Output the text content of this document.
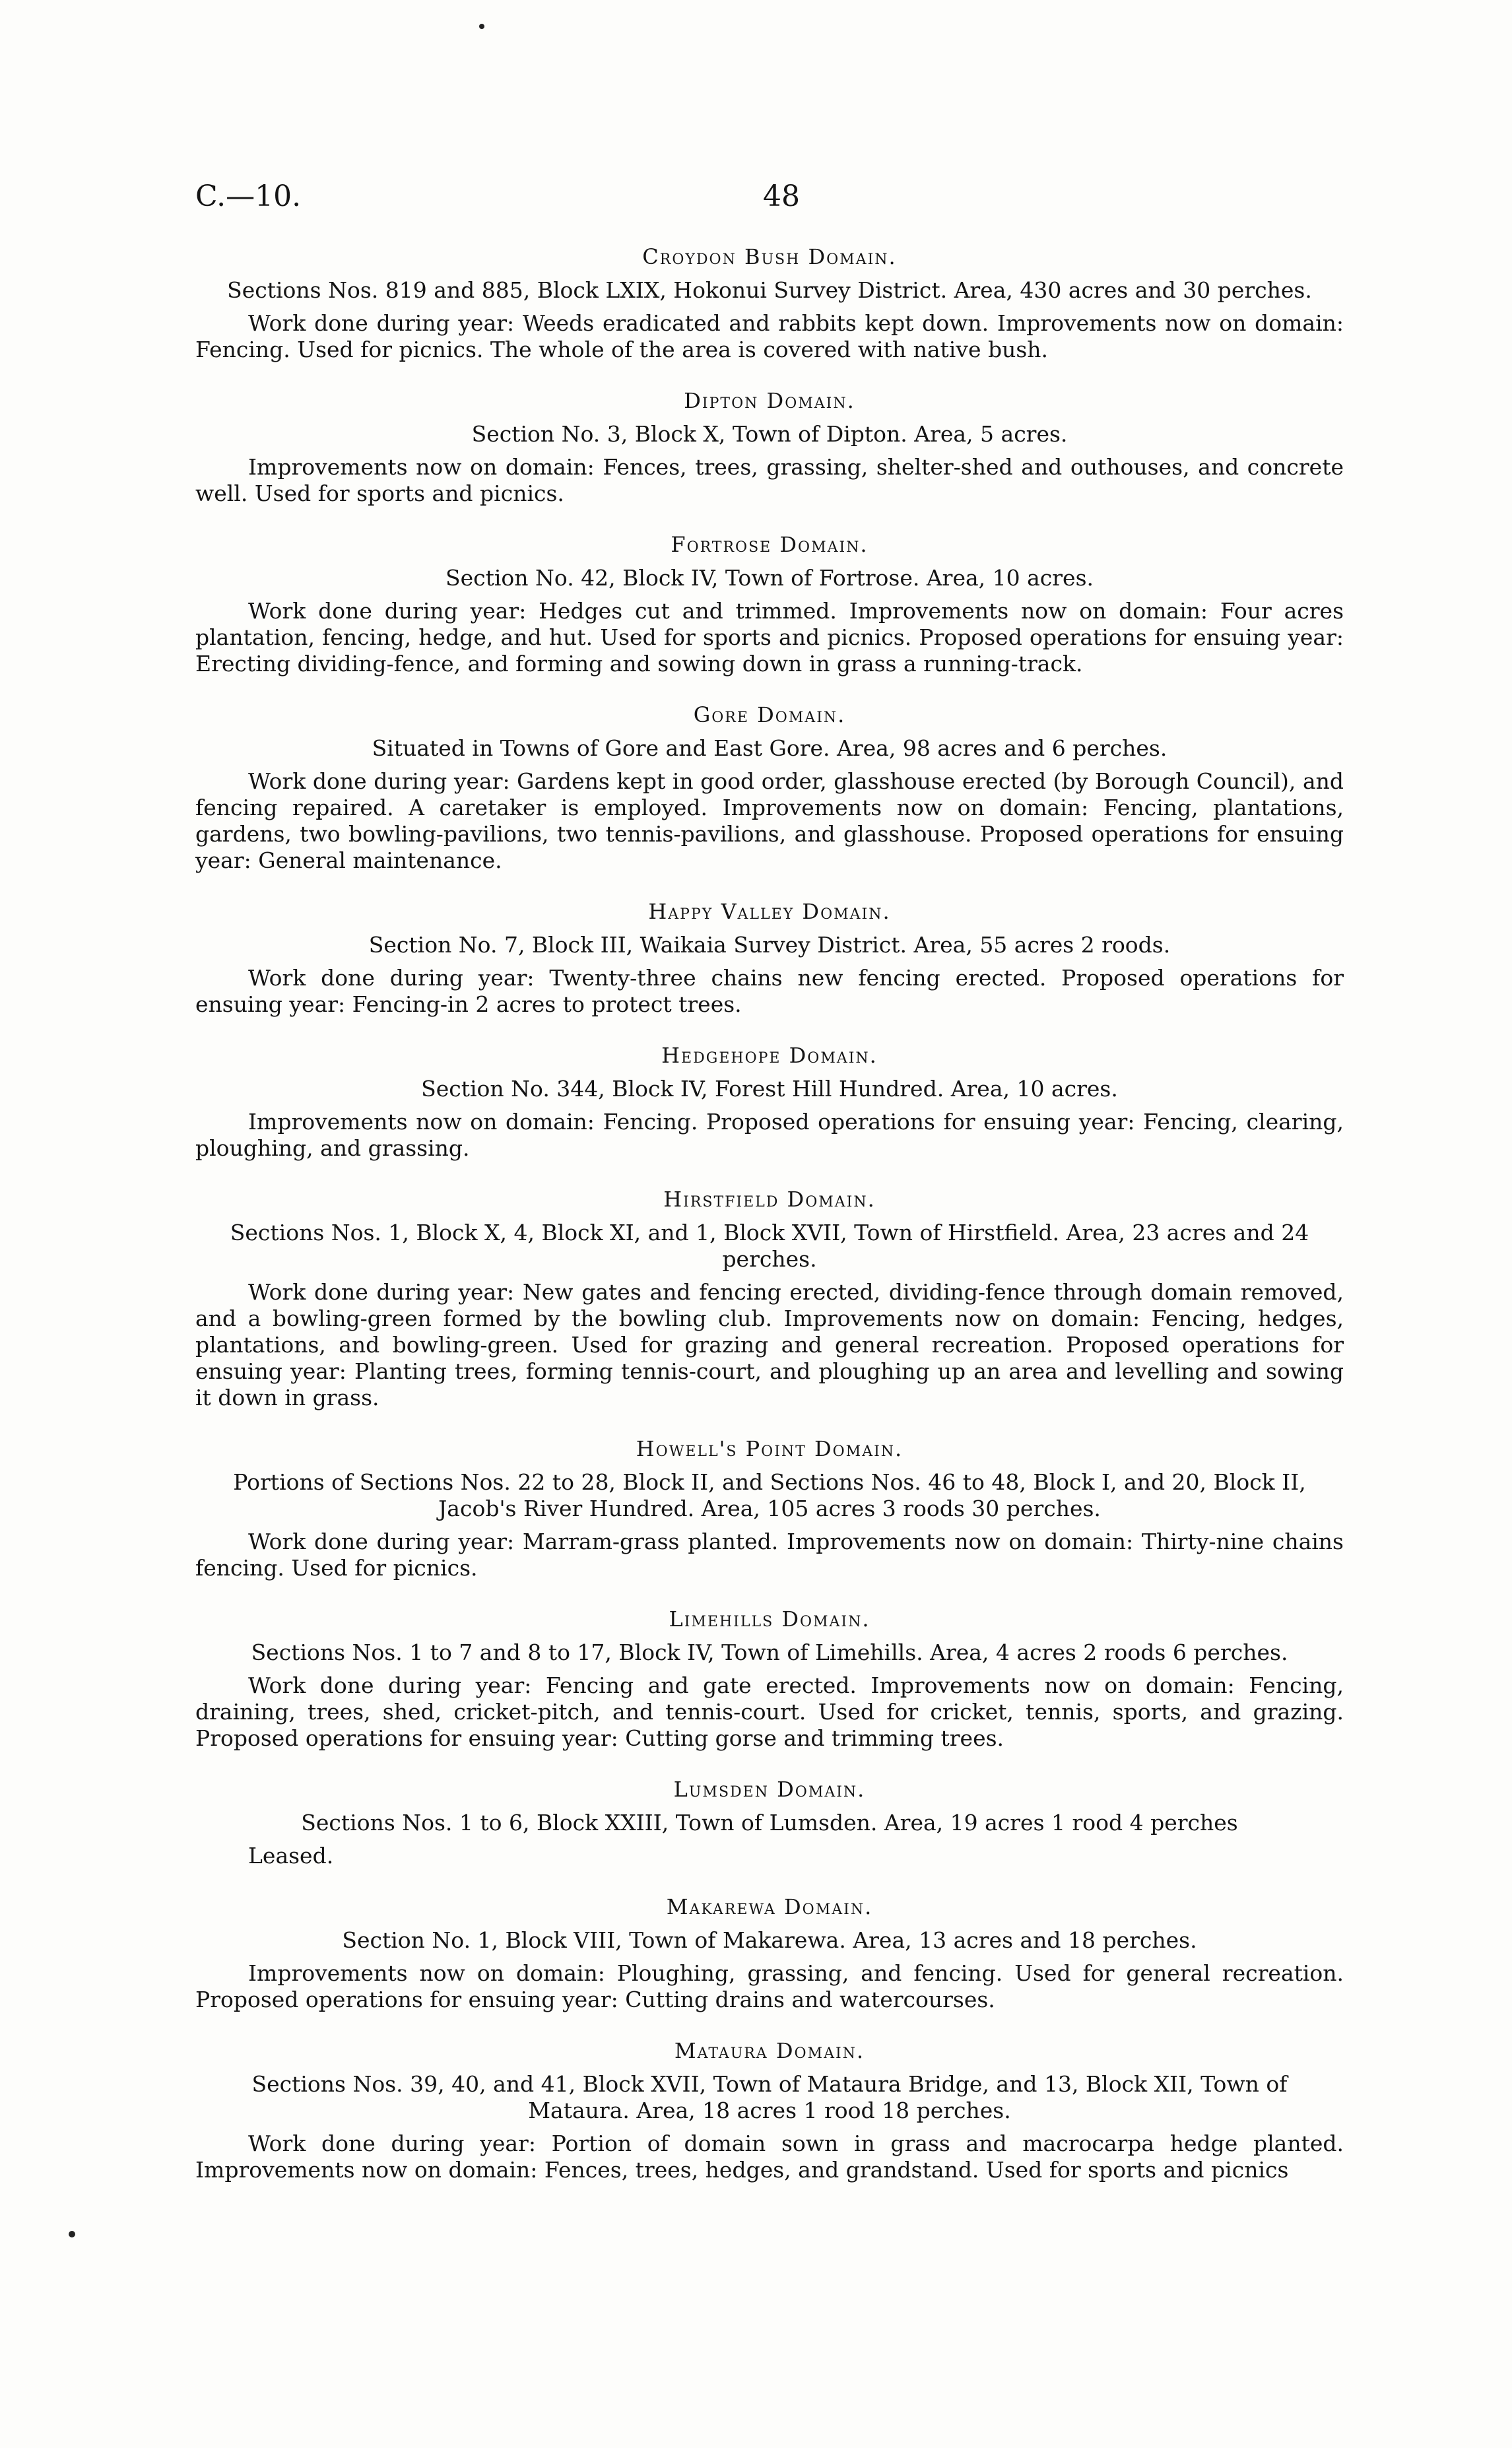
C.—10.	48
Croydon Bush Domain.

Sections Nos. 819 and 885, Block LXIX, Hokonui Survey District. Area, 430 acres and 30 perches.

Work done during year: Weeds eradicated and rabbits kept down. Improvements now on domain: Fencing. Used for picnics. The whole of the area is covered with native bush.

Dipton Domain.

Section No. 3, Block X, Town of Dipton. Area, 5 acres.

Improvements now on domain: Fences, trees, grassing, shelter-shed and outhouses, and concrete well. Used for sports and picnics.

Fortrose Domain.

Section No. 42, Block IV, Town of Fortrose. Area, 10 acres.

Work done during year: Hedges cut and trimmed. Improvements now on domain: Four acres plantation, fencing, hedge, and hut. Used for sports and picnics. Proposed operations for ensuing year: Erecting dividing-fence, and forming and sowing down in grass a running-track.

Gore Domain.

Situated in Towns of Gore and East Gore. Area, 98 acres and 6 perches.

Work done during year: Gardens kept in good order, glasshouse erected (by Borough Council), and fencing repaired. A caretaker is employed. Improvements now on domain: Fencing, plantations, gardens, two bowling-pavilions, two tennis-pavilions, and glasshouse. Proposed operations for ensuing year: General maintenance.

Happy Valley Domain.

Section No. 7, Block III, Waikaia Survey District. Area, 55 acres 2 roods.

Work done during year: Twenty-three chains new fencing erected. Proposed operations for ensuing year: Fencing-in 2 acres to protect trees.

Hedgehope Domain.

Section No. 344, Block IV, Forest Hill Hundred. Area, 10 acres.

Improvements now on domain: Fencing. Proposed operations for ensuing year: Fencing, clearing, ploughing, and grassing.

Hirstfield Domain.

Sections Nos. 1, Block X, 4, Block XI, and 1, Block XVII, Town of Hirstfield. Area, 23 acres and 24 perches.

Work done during year: New gates and fencing erected, dividing-fence through domain removed, and a bowling-green formed by the bowling club. Improvements now on domain: Fencing, hedges, plantations, and bowling-green. Used for grazing and general recreation. Proposed operations for ensuing year: Planting trees, forming tennis-court, and ploughing up an area and levelling and sowing it down in grass.

Howell's Point Domain.

Portions of Sections Nos. 22 to 28, Block II, and Sections Nos. 46 to 48, Block I, and 20, Block II, Jacob's River Hundred. Area, 105 acres 3 roods 30 perches.

Work done during year: Marram-grass planted. Improvements now on domain: Thirty-nine chains fencing. Used for picnics.

Limehills Domain.

Sections Nos. 1 to 7 and 8 to 17, Block IV, Town of Limehills. Area, 4 acres 2 roods 6 perches.

Work done during year: Fencing and gate erected. Improvements now on domain: Fencing, draining, trees, shed, cricket-pitch, and tennis-court. Used for cricket, tennis, sports, and grazing. Proposed operations for ensuing year: Cutting gorse and trimming trees.

Lumsden Domain.

Sections Nos. 1 to 6, Block XXIII, Town of Lumsden. Area, 19 acres 1 rood 4 perches

Leased.

Makarewa Domain.

Section No. 1, Block VIII, Town of Makarewa. Area, 13 acres and 18 perches.

Improvements now on domain: Ploughing, grassing, and fencing. Used for general recreation. Proposed operations for ensuing year: Cutting drains and watercourses.

Mataura Domain.

Sections Nos. 39, 40, and 41, Block XVII, Town of Mataura Bridge, and 13, Block XII, Town of Mataura. Area, 18 acres 1 rood 18 perches.

Work done during year: Portion of domain sown in grass and macrocarpa hedge planted. Improvements now on domain: Fences, trees, hedges, and grandstand. Used for sports and picnics
